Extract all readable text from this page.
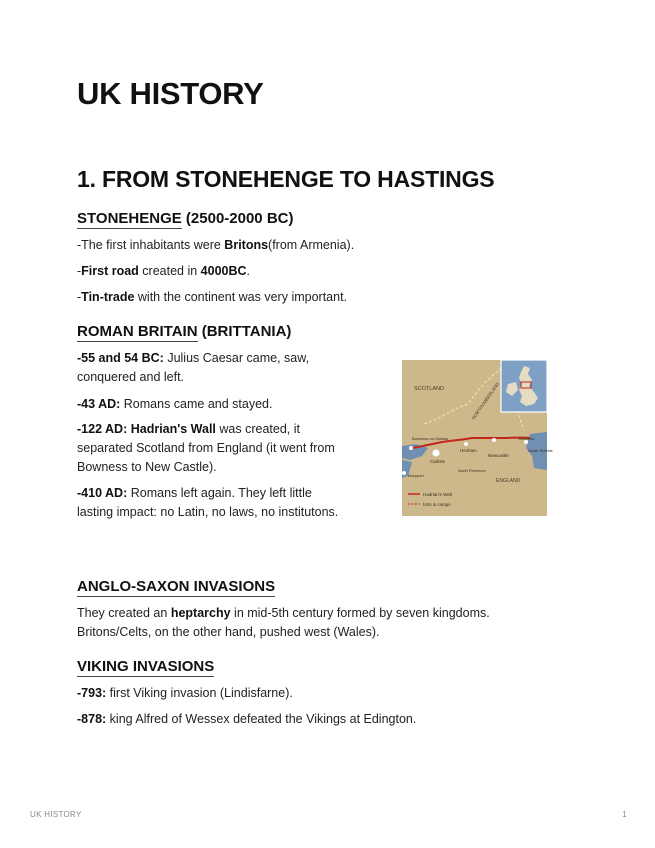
UK HISTORY
1. FROM STONEHENGE TO HASTINGS
STONEHENGE (2500-2000 BC)

-The first inhabitants were Britons(from Armenia).

-First road created in 4000BC.

-Tin-trade with the continent was very important.

ROMAN BRITAIN (BRITTANIA)

-55 and 54 BC: Julius Caesar came, saw, conquered and left.

-43 AD: Romans came and stayed.

-122 AD: Hadrian's Wall was created, it separated Scotland from England (it went from Bowness to New Castle).

-410 AD: Romans left again. They left little lasting impact: no Latin, no laws, no institutons.

SCOTLAND	NORTHUMBERLAND
Bowness-on-Solway
Carlisle
Hexham
Newcastle
Wallsend
South Shields
Maryport
North Pennines
ENGLAND
Hadrian's Wall
forts & camps
ANGLO-SAXON INVASIONS

They created an heptarchy in mid-5th century formed by seven kingdoms.

Britons/Celts, on the other hand, pushed west (Wales).

VIKING INVASIONS

-793: first Viking invasion (Lindisfarne).

-878: king Alfred of Wessex defeated the Vikings at Edington.

UK HISTORY	1
